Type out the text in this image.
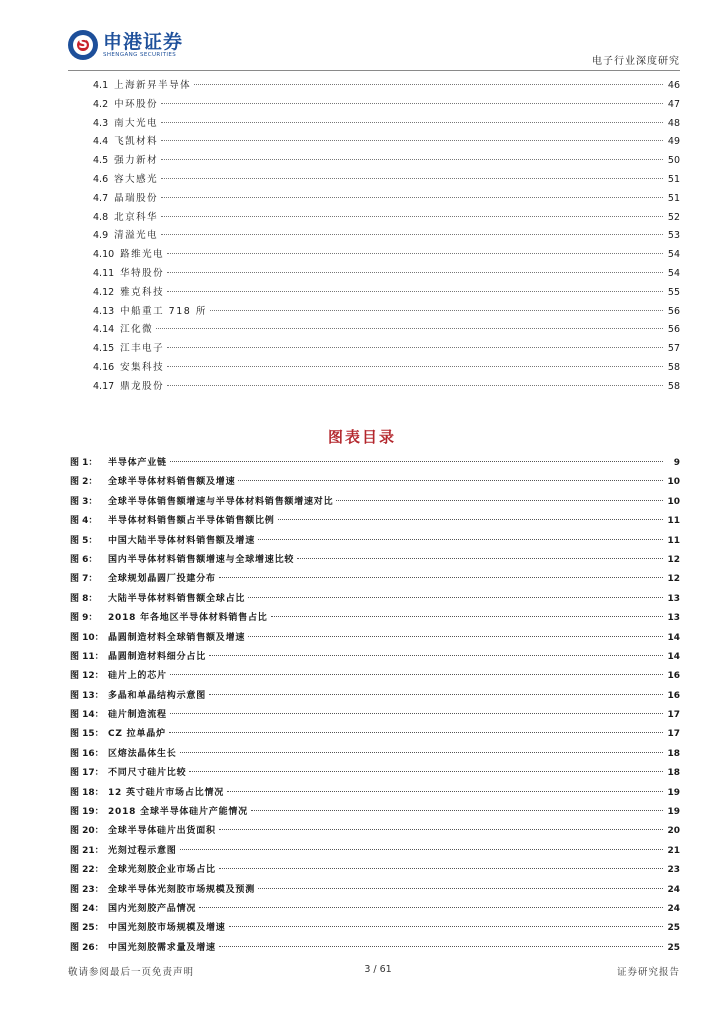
S 申港证券
SHENGANG SECURITIES
电子行业深度研究
4.1 上海新昇半导体	46
4.2 中环股份	47
4.3 南大光电	48
4.4 飞凯材料	49
4.5 强力新材	50
4.6 容大感光	51
4.7 晶瑞股份	51
4.8 北京科华	52
4.9 清溢光电	53
4.10 路维光电	54
4.11 华特股份	54
4.12 雅克科技	55
4.13 中船重工 718 所	56
4.14 江化微	56
4.15 江丰电子	57
4.16 安集科技	58
4.17 鼎龙股份	58
图表目录
图 1：	半导体产业链	9
图 2：	全球半导体材料销售额及增速	10
图 3：	全球半导体销售额增速与半导体材料销售额增速对比	10
图 4：	半导体材料销售额占半导体销售额比例	11
图 5：	中国大陆半导体材料销售额及增速	11
图 6：	国内半导体材料销售额增速与全球增速比较	12
图 7：	全球规划晶圆厂投建分布	12
图 8：	大陆半导体材料销售额全球占比	13
图 9：	2018 年各地区半导体材料销售占比	13
图 10： 晶圆制造材料全球销售额及增速	14
图 11： 晶圆制造材料细分占比	14
图 12： 硅片上的芯片	16
图 13： 多晶和单晶结构示意图	16
图 14： 硅片制造流程	17
图 15： CZ 拉单晶炉	17
图 16： 区熔法晶体生长	18
图 17： 不同尺寸硅片比较	18
图 18： 12 英寸硅片市场占比情况	19
图 19： 2018 全球半导体硅片产能情况	19
图 20： 全球半导体硅片出货面积	20
图 21： 光刻过程示意图	21
图 22： 全球光刻胶企业市场占比	23
图 23： 全球半导体光刻胶市场规模及预测	24
图 24： 国内光刻胶产品情况	24
图 25： 中国光刻胶市场规模及增速	25
图 26： 中国光刻胶需求量及增速	25
敬请参阅最后一页免责声明	3 / 61	证券研究报告
